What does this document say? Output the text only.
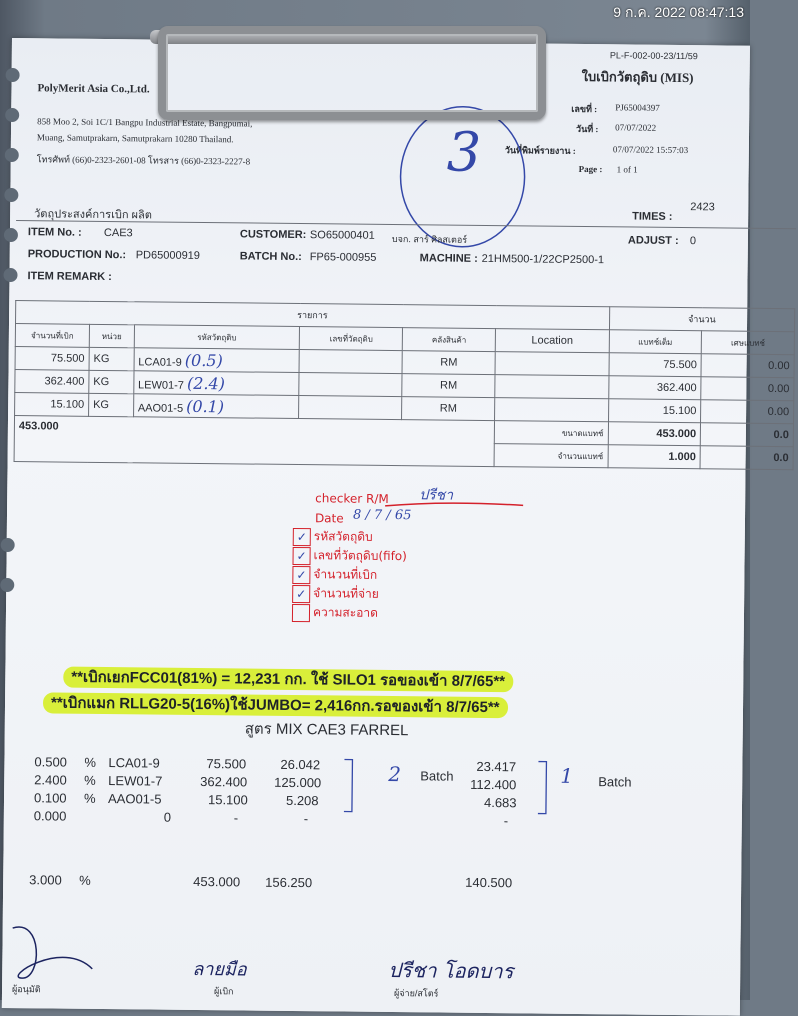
9 ก.ค. 2022 08:47:13
PL-F-002-00-23/11/59
PolyMerit Asia Co.,Ltd.
858 Moo 2, Soi 1C/1 Bangpu Industrial Estate, Bangpumai,
Muang, Samutprakarn, Samutprakarn 10280 Thailand.
โทรศัพท์ (66)0-2323-2601-08 โทรสาร (66)0-2323-2227-8
ใบเบิกวัตถุดิบ (MIS)
เลขที่ : PJ65004397
วันที่ : 07/07/2022
วันที่พิมพ์รายงาน :	07/07/2022 15:57:03
Page : 1 of 1
3
วัตถุประสงค์การเบิก ผลิต	TIMES :
2423
ITEM No. : CAE3	CUSTOMER: SO65000401 บจก. สาร์ ศิลสเตอร์	ADJUST : 0
PRODUCTION No.: PD65000919	BATCH No.: FP65-000955	MACHINE : 21HM500-1/22CP2500-1
ITEM REMARK :
รายการ						จำนวน	
จำนวนที่เบิก	หน่วย	รหัสวัตถุดิบ	เลขที่วัตถุดิบ	คลังสินค้า	Location	แบทช์เต็ม	เศษแบทช์
75.500	KG	LCA01-9 (0.5)		RM		75.500	0.00
362.400	KG	LEW01-7 (2.4)		RM		362.400	0.00
15.100	KG	AAO01-5 (0.1)		RM		15.100	0.00
453.000					ขนาดแบทช์	453.000	0.0
					จำนวนแบทช์	1.000	0.0
checker R/M ปรีชา
Date 8 / 7 / 65
✓ รหัสวัตถุดิบ
✓ เลขที่วัตถุดิบ(fifo)
✓ จำนวนที่เบิก
✓ จำนวนที่จ่าย
ความสะอาด
**เบิกเยกFCC01(81%) = 12,231 กก. ใช้ SILO1 รอของเข้า 8/7/65**
**เบิกแมก RLLG20-5(16%)ใช้JUMBO= 2,416กก.รอของเข้า 8/7/65**
สูตร MIX CAE3 FARREL
0.500 % LCA01-9	75.500	26.042	23.417
2.400 % LEW01-7	362.400 125.000	112.400
0.100 % AAO01-5	15.100	5.208	4.683
0.000	0	-	-	-
2 Batch	1 Batch
3.000 %	453.000 156.250	140.500
ลายมือ	ปรีชา โอดบาร
ผู้อนุมัติ	ผู้เบิก	ผู้จ่าย/สโตร์
